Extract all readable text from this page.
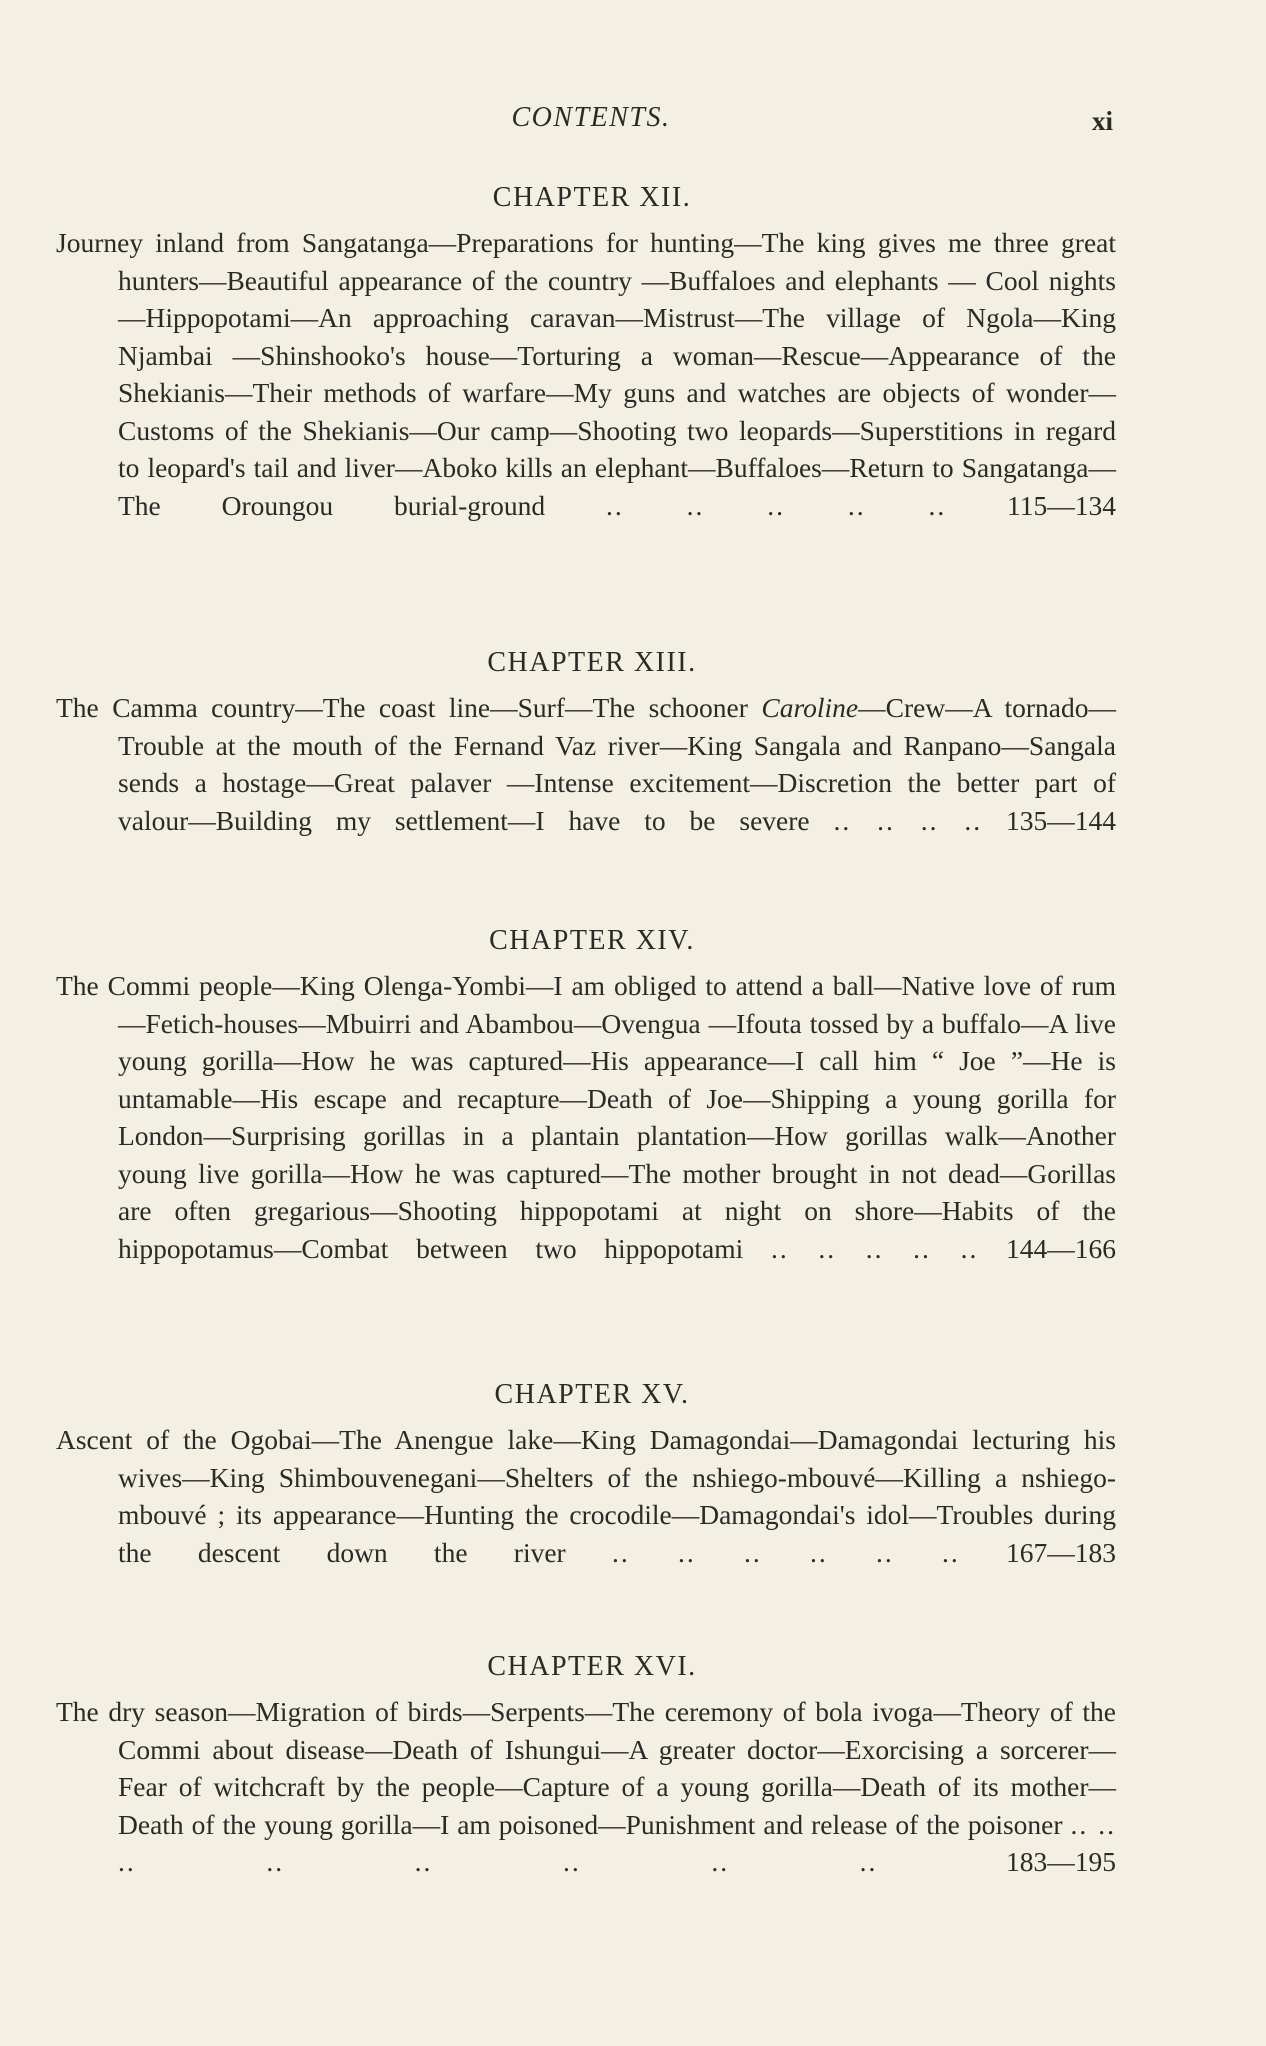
CONTENTS.	xi
CHAPTER XII.
Journey inland from Sangatanga—Preparations for hunting—The king gives me three great hunters—Beautiful appearance of the country —Buffaloes and elephants — Cool nights—Hippopotami—An approaching caravan—Mistrust—The village of Ngola—King Njambai —Shinshooko's house—Torturing a woman—Rescue—Appearance of the Shekianis—Their methods of warfare—My guns and watches are objects of wonder—Customs of the Shekianis—Our camp—Shooting two leopards—Superstitions in regard to leopard's tail and liver—Aboko kills an elephant—Buffaloes—Return to Sangatanga—The Oroungou burial-ground .. .. .. .. .. 115—134
CHAPTER XIII.
The Camma country—The coast line—Surf—The schooner Caroline—Crew—A tornado—Trouble at the mouth of the Fernand Vaz river—King Sangala and Ranpano—Sangala sends a hostage—Great palaver —Intense excitement—Discretion the better part of valour—Building my settlement—I have to be severe .. .. .. .. 135—144
CHAPTER XIV.
The Commi people—King Olenga-Yombi—I am obliged to attend a ball—Native love of rum—Fetich-houses—Mbuirri and Abambou—Ovengua —Ifouta tossed by a buffalo—A live young gorilla—How he was captured—His appearance—I call him “ Joe ”—He is untamable—His escape and recapture—Death of Joe—Shipping a young gorilla for London—Surprising gorillas in a plantain plantation—How gorillas walk—Another young live gorilla—How he was captured—The mother brought in not dead—Gorillas are often gregarious—Shooting hippopotami at night on shore—Habits of the hippopotamus—Combat between two hippopotami .. .. .. .. .. 144—166
CHAPTER XV.
Ascent of the Ogobai—The Anengue lake—King Damagondai—Damagondai lecturing his wives—King Shimbouvenegani—Shelters of the nshiego-mbouvé—Killing a nshiego-mbouvé ; its appearance—Hunting the crocodile—Damagondai's idol—Troubles during the descent down the river .. .. .. .. .. .. 167—183
CHAPTER XVI.
The dry season—Migration of birds—Serpents—The ceremony of bola ivoga—Theory of the Commi about disease—Death of Ishungui—A greater doctor—Exorcising a sorcerer—Fear of witchcraft by the people—Capture of a young gorilla—Death of its mother—Death of the young gorilla—I am poisoned—Punishment and release of the poisoner .. .. .. .. .. .. .. ..	183—195
